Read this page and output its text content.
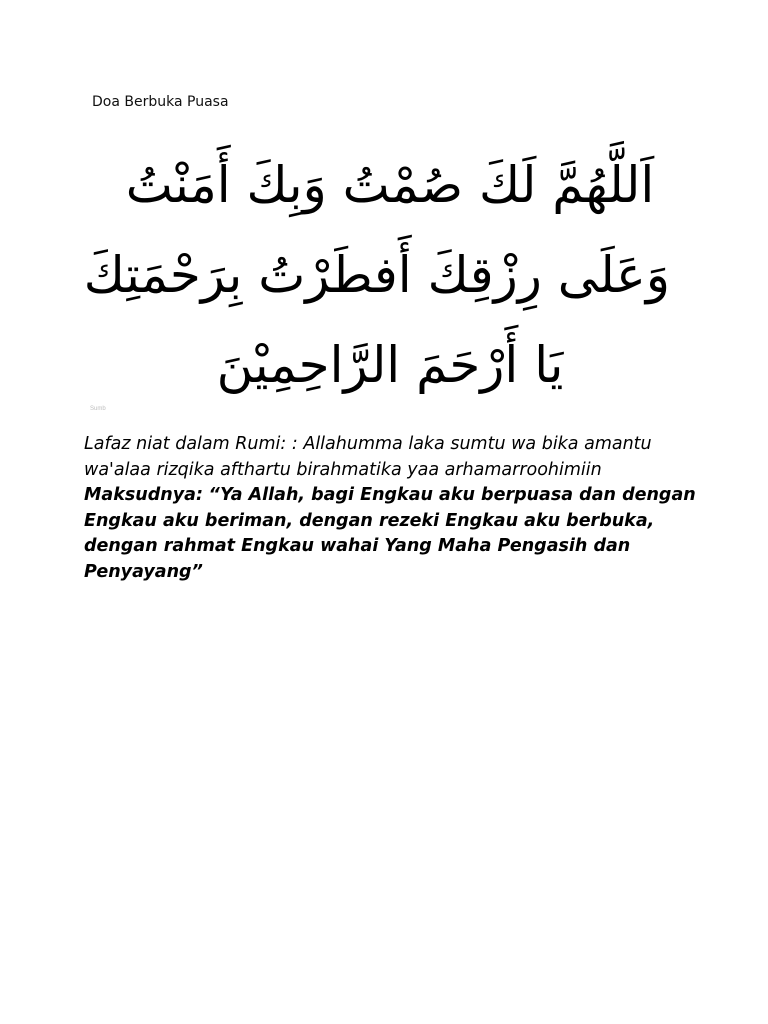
Doa Berbuka Puasa
اَللَّهُمَّ لَكَ صُمْتُ وَبِكَ أَمَنْتُ
وَعَلَى رِزْقِكَ أَفطَرْتُ بِرَحْمَتِكَ
يَا أَرْحَمَ الرَّاحِمِيْنَ
Sumb

Lafaz niat dalam Rumi: : Allahumma laka sumtu wa bika amantu wa'alaa rizqika afthartu birahmatika yaa arhamarroohimiin

Maksudnya: “Ya Allah, bagi Engkau aku berpuasa dan dengan Engkau aku beriman, dengan rezeki Engkau aku berbuka, dengan rahmat Engkau wahai Yang Maha Pengasih dan Penyayang”
